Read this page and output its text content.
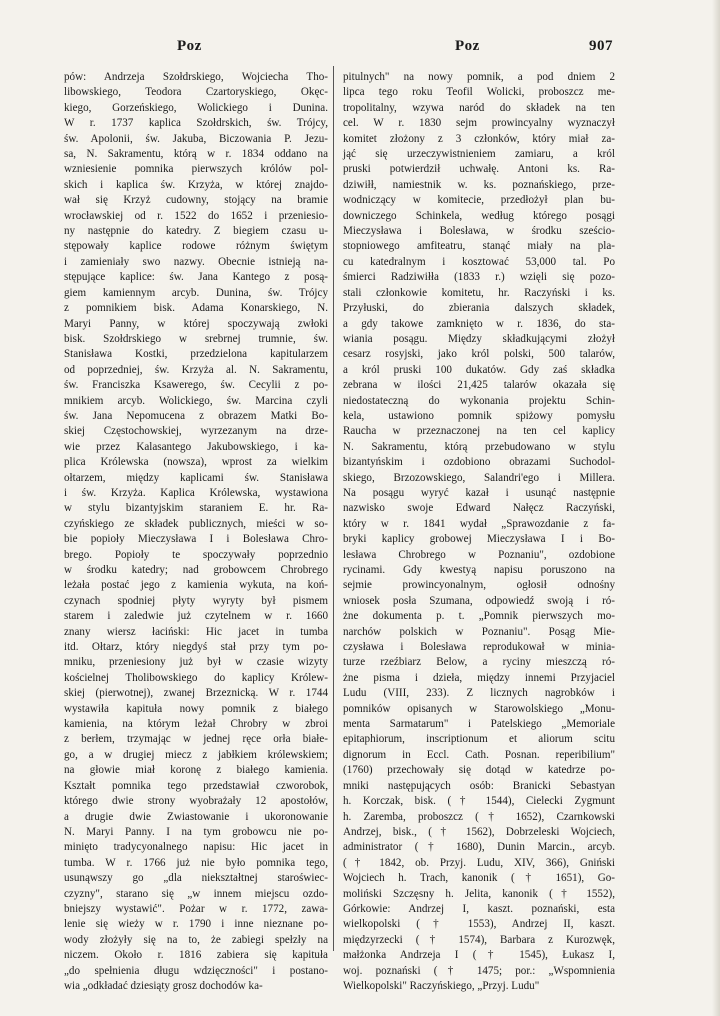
Poz	Poz	907

pów: Andrzeja Szołdrskiego, Wojciecha Tho-

libowskiego, Teodora Czartoryskiego, Okęc-

kiego, Gorzeńskiego, Wolickiego i Dunina.

W r. 1737 kaplica Szołdrskich, św. Trójcy,

św. Apolonii, św. Jakuba, Biczowania P. Jezu-

sa, N. Sakramentu, którą w r. 1834 oddano na

wzniesienie pomnika pierwszych królów pol-

skich i kaplica św. Krzyża, w której znajdo-

wał się Krzyż cudowny, stojący na bramie

wrocławskiej od r. 1522 do 1652 i przeniesio-

ny następnie do katedry. Z biegiem czasu u-

stępowały kaplice rodowe różnym świętym

i zamieniały swo nazwy. Obecnie istnieją na-

stępujące kaplice: św. Jana Kantego z posą-

giem kamiennym arcyb. Dunina, św. Trójcy

z pomnikiem bisk. Adama Konarskiego, N.

Maryi Panny, w której spoczywają zwłoki

bisk. Szołdrskiego w srebrnej trumnie, św.

Stanisława Kostki, przedzielona kapitularzem

od poprzedniej, św. Krzyża al. N. Sakramentu,

św. Franciszka Ksawerego, św. Cecylii z po-

mnikiem arcyb. Wolickiego, św. Marcina czyli

św. Jana Nepomucena z obrazem Matki Bo-

skiej Częstochowskiej, wyrzezanym na drze-

wie przez Kalasantego Jakubowskiego, i ka-

plica Królewska (nowsza), wprost za wielkim

ołtarzem, między kaplicami św. Stanisława

i św. Krzyża. Kaplica Królewska, wystawiona

w stylu bizantyjskim staraniem E. hr. Ra-

czyńskiego ze składek publicznych, mieści w so-

bie popioły Mieczysława I i Bolesława Chro-

brego. Popioły te spoczywały poprzednio

w środku katedry; nad grobowcem Chrobrego

leżała postać jego z kamienia wykuta, na koń-

czynach spodniej płyty wyryty był pismem

starem i zaledwie już czytelnem w r. 1660

znany wiersz łaciński: Hic jacet in tumba

itd. Ołtarz, który niegdyś stał przy tym po-

mniku, przeniesiony już był w czasie wizyty

kościelnej Tholibowskiego do kaplicy Królew-

skiej (pierwotnej), zwanej Brzeznicką. W r. 1744

wystawiła kapituła nowy pomnik z białego

kamienia, na którym leżał Chrobry w zbroi

z berłem, trzymając w jednej ręce orła białe-

go, a w drugiej miecz z jabłkiem królewskiem;

na głowie miał koronę z białego kamienia.

Kształt pomnika tego przedstawiał czworobok,

którego dwie strony wyobrażały 12 apostołów,

a drugie dwie Zwiastowanie i ukoronowanie

N. Maryi Panny. I na tym grobowcu nie po-

minięto tradycyonalnego napisu: Hic jacet in

tumba. W r. 1766 już nie było pomnika tego,

usunąwszy go „dla niekształtnej staroświec-

czyzny", starano się „w innem miejscu ozdo-

bniejszy wystawić". Pożar w r. 1772, zawa-

lenie się wieży w r. 1790 i inne nieznane po-

wody złożyły się na to, że zabiegi spełzły na

niczem. Około r. 1816 zabiera się kapituła

„do spełnienia długu wdzięczności" i postano-

wia „odkładać dziesiąty grosz dochodów ka-

pitulnych" na nowy pomnik, a pod dniem 2

lipca tego roku Teofil Wolicki, proboszcz me-

tropolitalny, wzywa naród do składek na ten

cel. W r. 1830 sejm prowincyalny wyznaczył

komitet złożony z 3 członków, który miał za-

jąć się urzeczywistnieniem zamiaru, a król

pruski potwierdził uchwałę. Antoni ks. Ra-

dziwiłł, namiestnik w. ks. poznańskiego, prze-

wodniczący w komitecie, przedłożył plan bu-

downiczego Schinkela, według którego posągi

Mieczysława i Bolesława, w środku sześcio-

stopniowego amfiteatru, stanąć miały na pla-

cu katedralnym i kosztować 53,000 tal. Po

śmierci Radziwiłła (1833 r.) wzięli się pozo-

stali członkowie komitetu, hr. Raczyński i ks.

Przyłuski, do zbierania dalszych składek,

a gdy takowe zamknięto w r. 1836, do sta-

wiania posągu. Między składkującymi złożył

cesarz rosyjski, jako król polski, 500 talarów,

a król pruski 100 dukatów. Gdy zaś składka

zebrana w ilości 21,425 talarów okazała się

niedostateczną do wykonania projektu Schin-

kela, ustawiono pomnik spiżowy pomysłu

Raucha w przeznaczonej na ten cel kaplicy

N. Sakramentu, którą przebudowano w stylu

bizantyńskim i ozdobiono obrazami Suchodol-

skiego, Brzozowskiego, Salandri'ego i Millera.

Na posągu wyryć kazał i usunąć następnie

nazwisko swoje Edward Nałęcz Raczyński,

który w r. 1841 wydał „Sprawozdanie z fa-

bryki kaplicy grobowej Mieczysława I i Bo-

lesława Chrobrego w Poznaniu", ozdobione

rycinami. Gdy kwestyą napisu poruszono na

sejmie prowincyonalnym, ogłosił odnośny

wniosek posła Szumana, odpowiedź swoją i ró-

żne dokumenta p. t. „Pomnik pierwszych mo-

narchów polskich w Poznaniu". Posąg Mie-

czysława i Bolesława reprodukował w minia-

turze rzeźbiarz Below, a ryciny mieszczą ró-

żne pisma i dzieła, między innemi Przyjaciel

Ludu (VIII, 233). Z licznych nagrobków i

pomników opisanych w Starowolskiego „Monu-

menta Sarmatarum" i Patelskiego „Memoriale

epitaphiorum, inscriptionum et aliorum scitu

dignorum in Eccl. Cath. Posnan. reperibilium"

(1760) przechowały się dotąd w katedrze po-

mniki następujących osób: Branicki Sebastyan

h. Korczak, bisk. († 1544), Cielecki Zygmunt

h. Zaremba, proboszcz († 1652), Czarnkowski

Andrzej, bisk., († 1562), Dobrzeleski Wojciech,

administrator († 1680), Dunin Marcin., arcyb.

(† 1842, ob. Przyj. Ludu, XIV, 366), Gniński

Wojciech h. Trach, kanonik († 1651), Go-

moliński Szczęsny h. Jelita, kanonik († 1552),

Górkowie: Andrzej I, kaszt. poznański, esta

wielkopolski († 1553), Andrzej II, kaszt.

międzyrzecki († 1574), Barbara z Kurozwęk,

małżonka Andrzeja I († 1545), Łukasz I,

woj. poznański († 1475; por.: „Wspomnienia

Wielkopolski" Raczyńskiego, „Przyj. Ludu"
